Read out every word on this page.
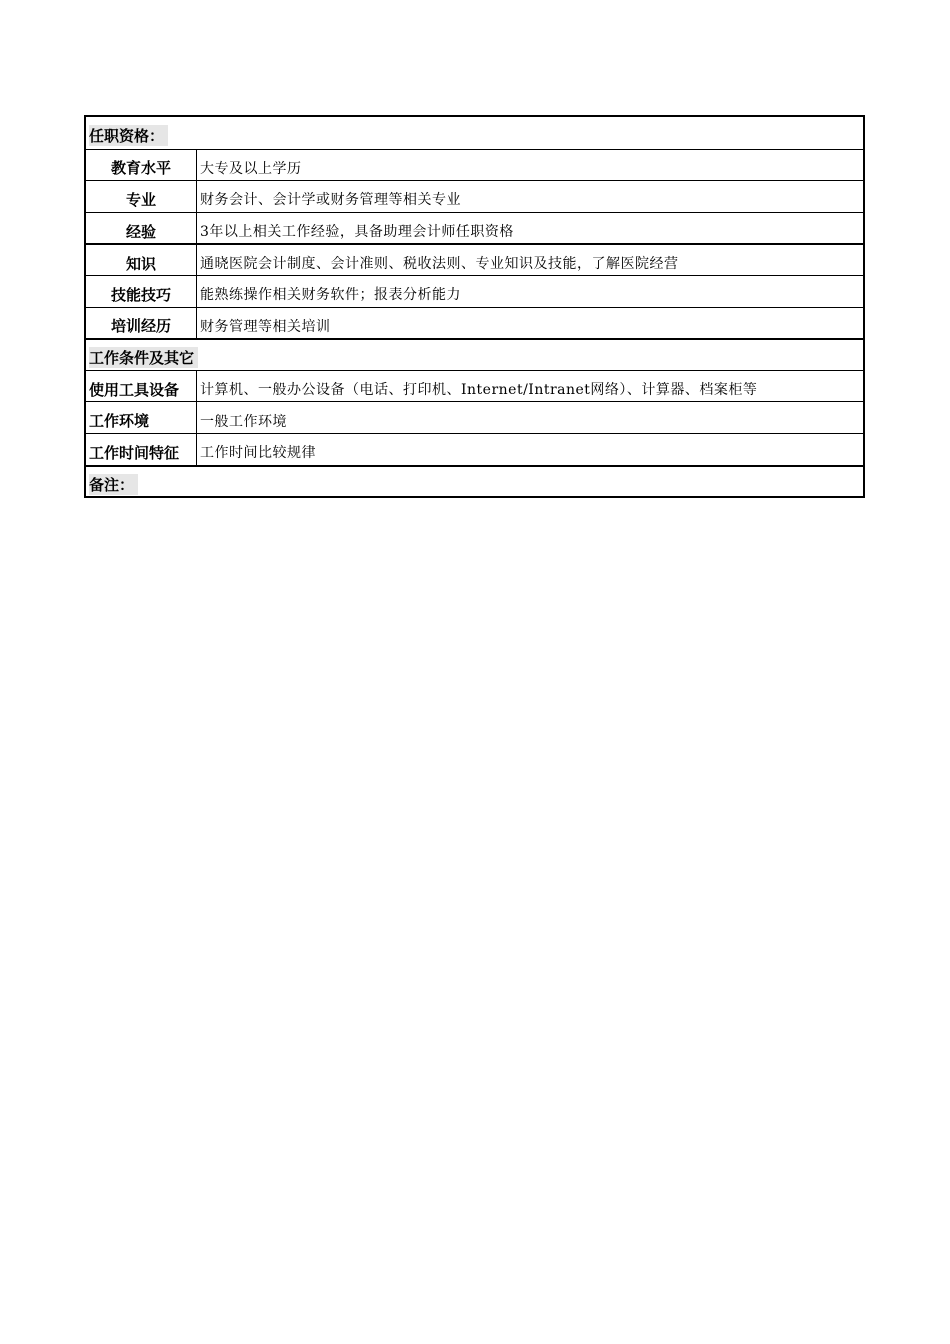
任职资格：
教育水平	大专及以上学历
专业	财务会计、会计学或财务管理等相关专业
经验	3年以上相关工作经验，具备助理会计师任职资格
知识	通晓医院会计制度、会计准则、税收法则、专业知识及技能，了解医院经营
技能技巧	能熟练操作相关财务软件；报表分析能力
培训经历	财务管理等相关培训
工作条件及其它
使用工具设备	计算机、一般办公设备（电话、打印机、Internet/Intranet网络）、计算器、档案柜等
工作环境	一般工作环境
工作时间特征	工作时间比较规律
备注：
